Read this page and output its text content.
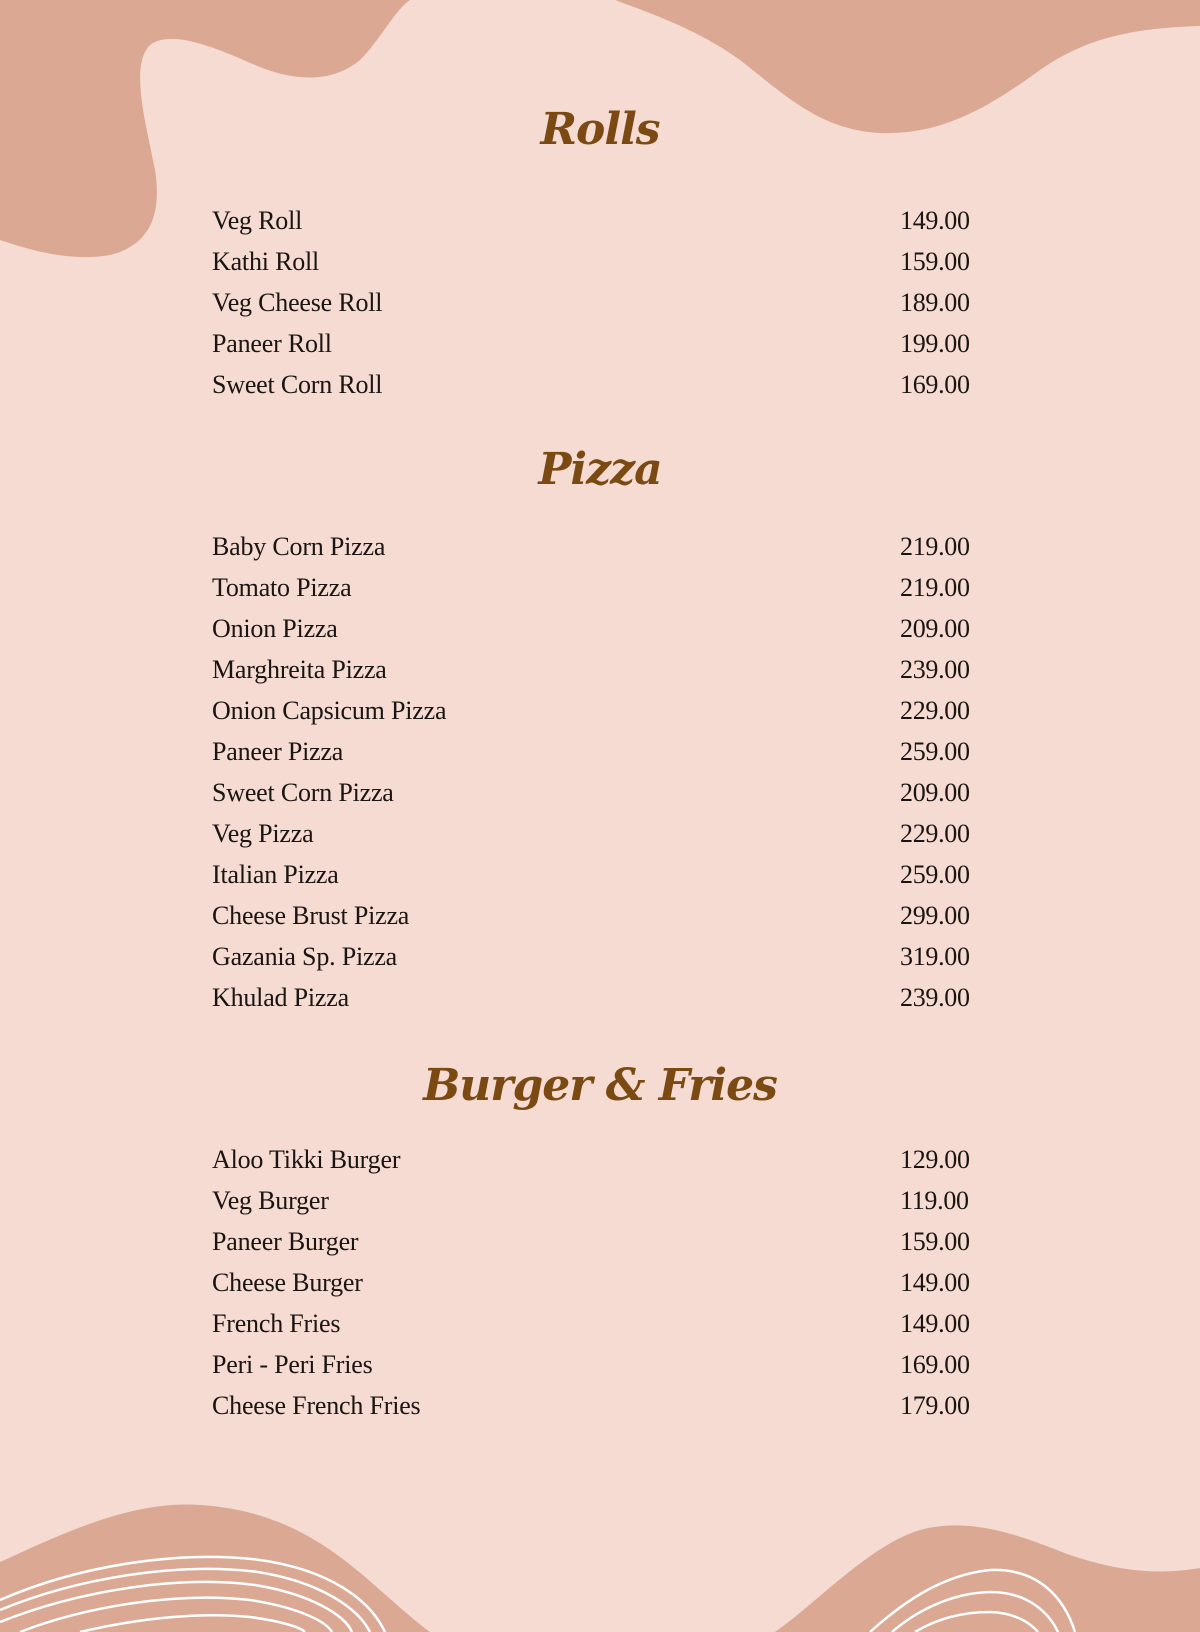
Rolls
Veg Roll	149.00
Kathi Roll	159.00
Veg Cheese Roll	189.00
Paneer Roll	199.00
Sweet Corn Roll	169.00
Pizza
Baby Corn Pizza	219.00
Tomato Pizza	219.00
Onion Pizza	209.00
Marghreita Pizza	239.00
Onion Capsicum Pizza	229.00
Paneer Pizza	259.00
Sweet Corn Pizza	209.00
Veg Pizza	229.00
Italian Pizza	259.00
Cheese Brust Pizza	299.00
Gazania Sp. Pizza	319.00
Khulad Pizza	239.00
Burger & Fries
Aloo Tikki Burger	129.00
Veg Burger	119.00
Paneer Burger	159.00
Cheese Burger	149.00
French Fries	149.00
Peri - Peri Fries	169.00
Cheese French Fries	179.00
